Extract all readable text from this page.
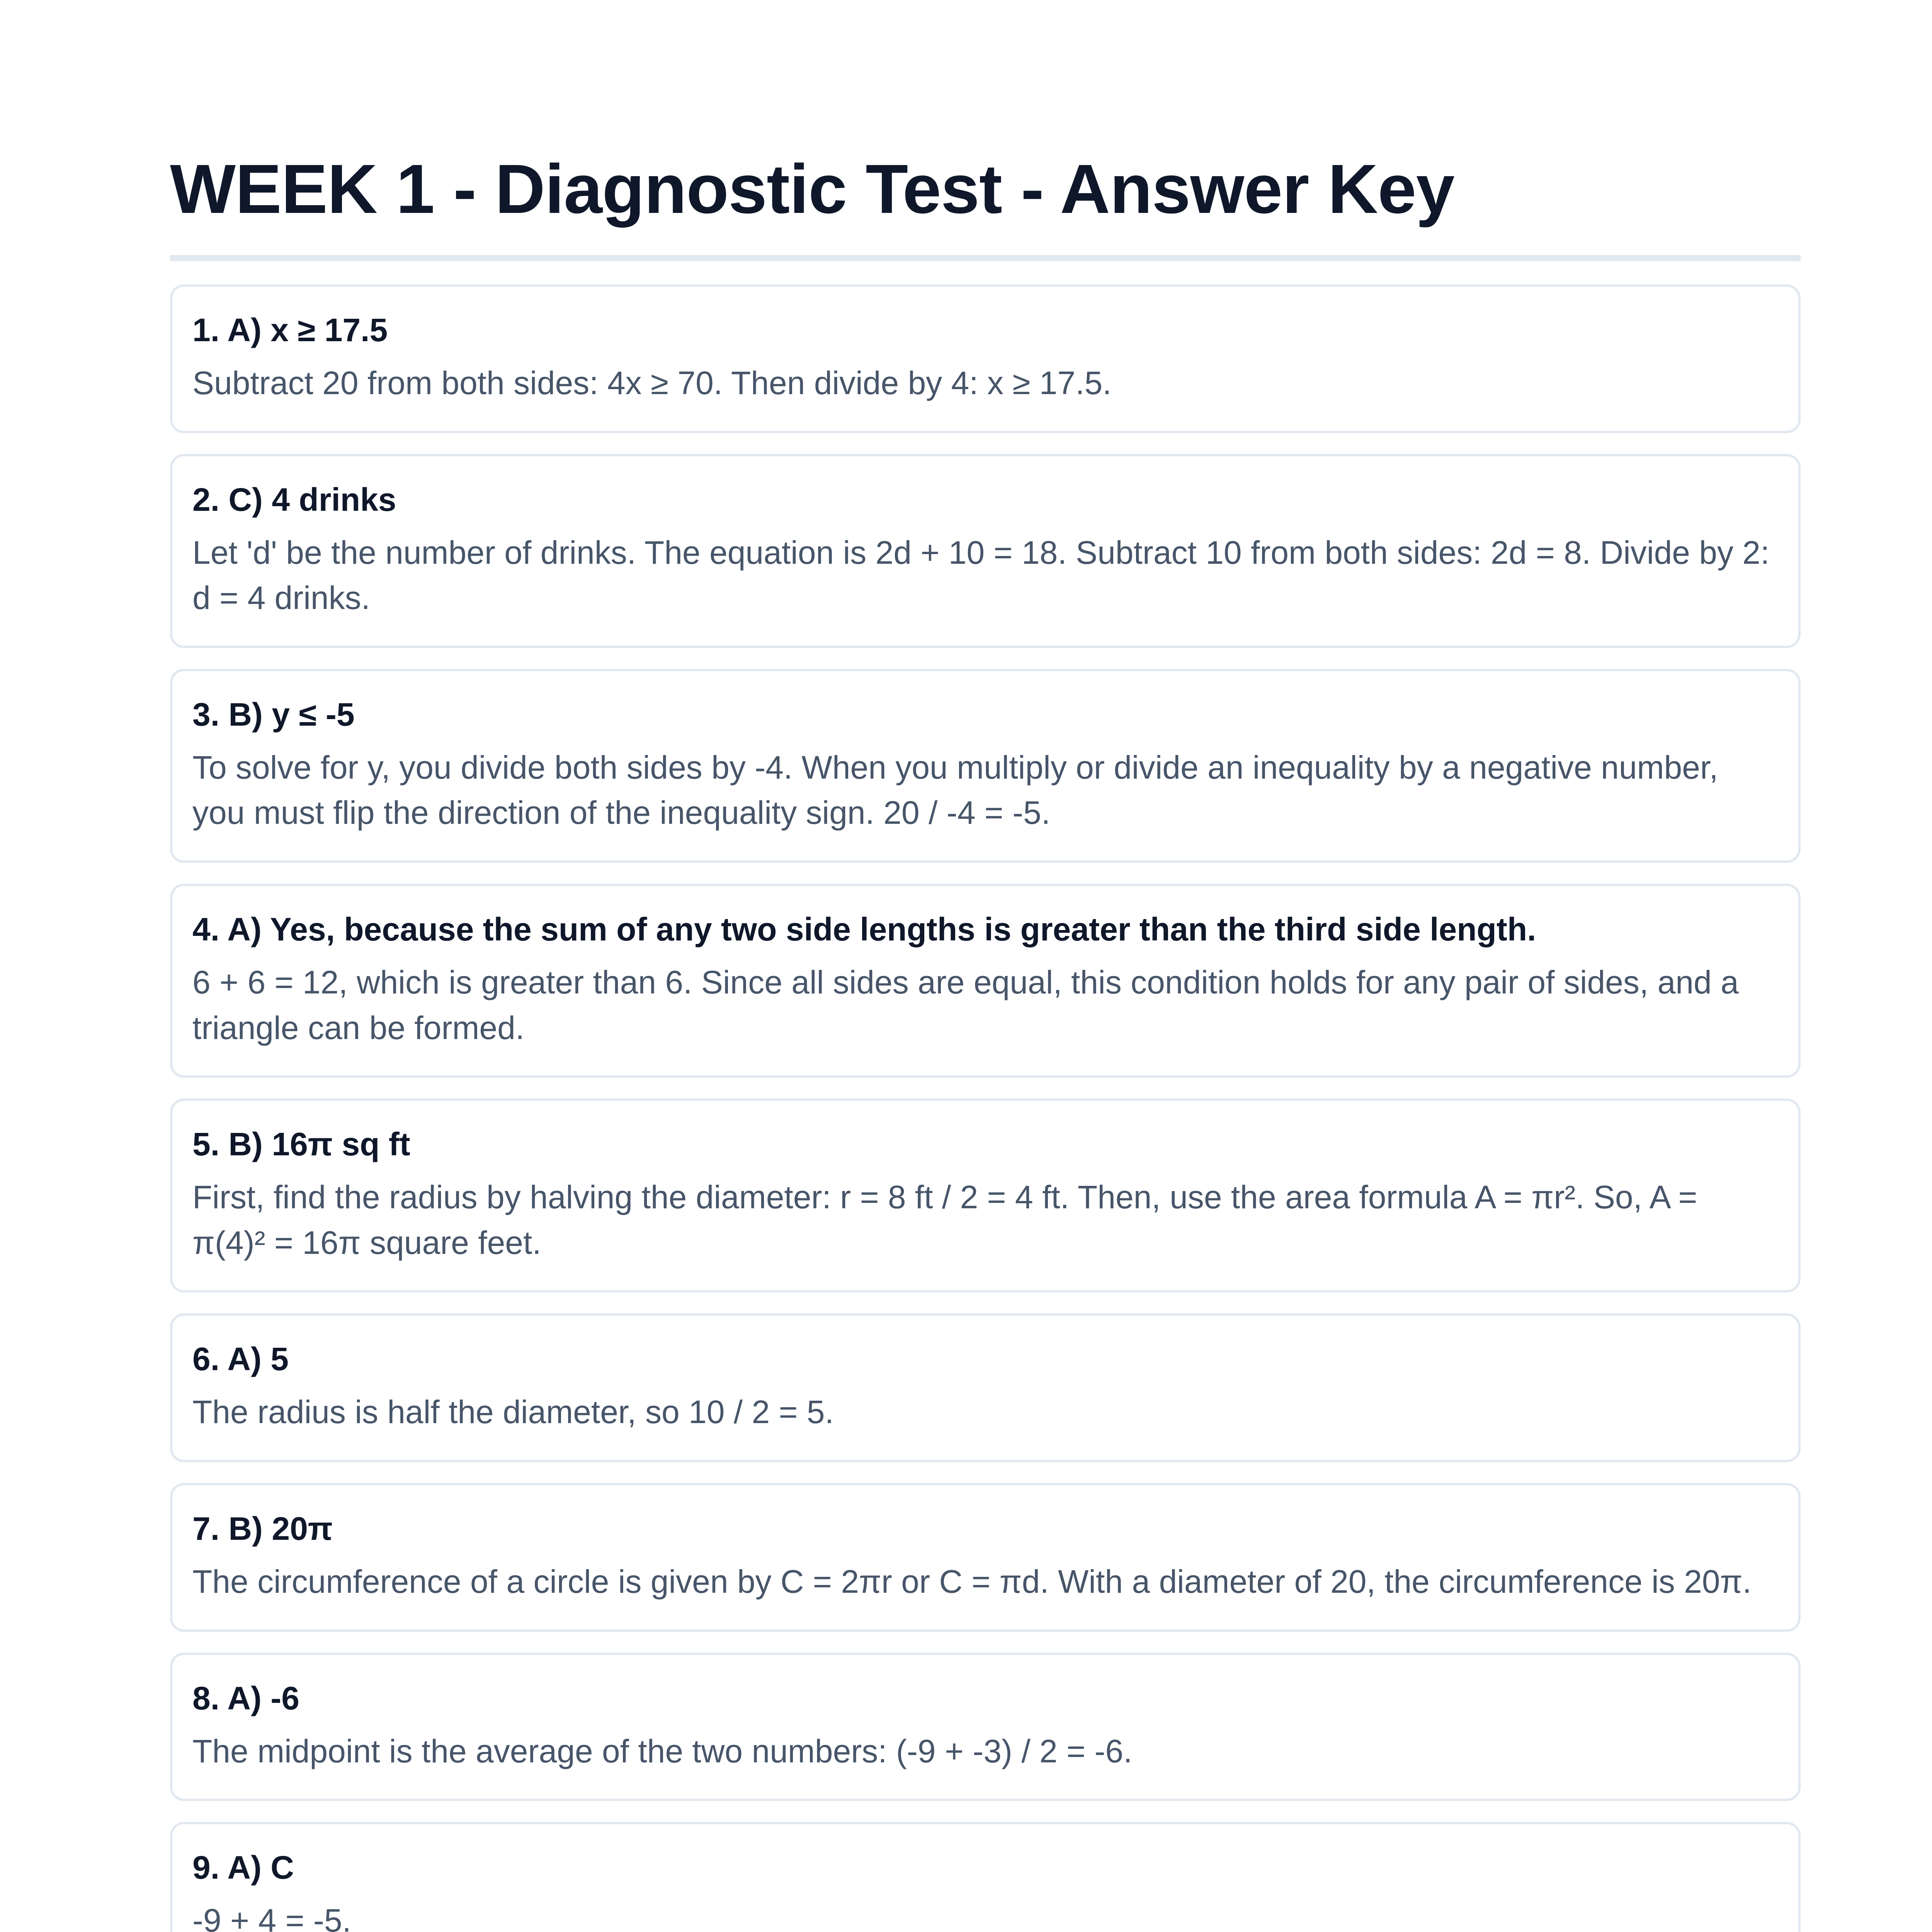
WEEK 1 - Diagnostic Test - Answer Key
1. A) x ≥ 17.5
Subtract 20 from both sides: 4x ≥ 70. Then divide by 4: x ≥ 17.5.
2. C) 4 drinks
Let 'd' be the number of drinks. The equation is 2d + 10 = 18. Subtract 10 from both sides: 2d = 8. Divide by 2: d = 4 drinks.
3. B) y ≤ -5
To solve for y, you divide both sides by -4. When you multiply or divide an inequality by a negative number, you must flip the direction of the inequality sign. 20 / -4 = -5.
4. A) Yes, because the sum of any two side lengths is greater than the third side length.
6 + 6 = 12, which is greater than 6. Since all sides are equal, this condition holds for any pair of sides, and a triangle can be formed.
5. B) 16π sq ft
First, find the radius by halving the diameter: r = 8 ft / 2 = 4 ft. Then, use the area formula A = πr². So, A = π(4)² = 16π square feet.
6. A) 5
The radius is half the diameter, so 10 / 2 = 5.
7. B) 20π
The circumference of a circle is given by C = 2πr or C = πd. With a diameter of 20, the circumference is 20π.
8. A) -6
The midpoint is the average of the two numbers: (-9 + -3) / 2 = -6.
9. A) C
-9 + 4 = -5.
